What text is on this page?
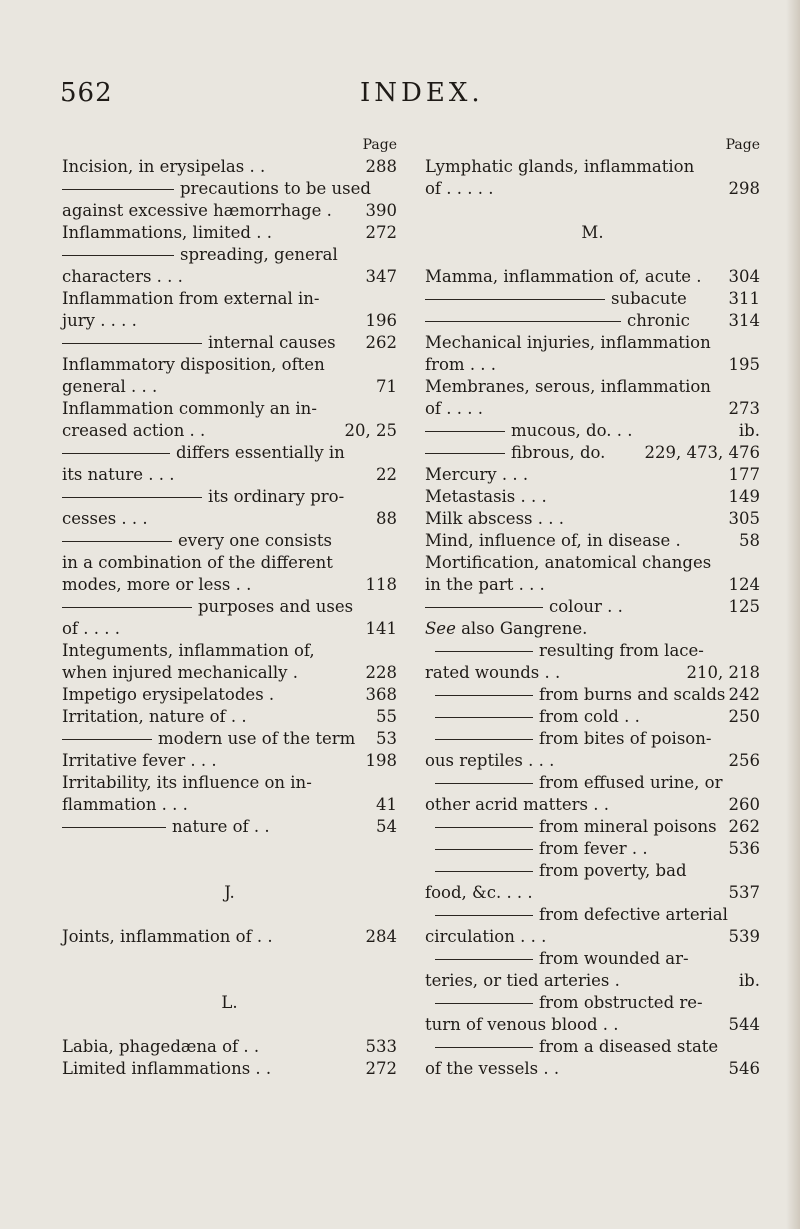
562	INDEX.
Page
Incision, in erysipelas . .	288
precautions to be used
against excessive hæmorrhage . 390
Inflammations, limited . .	272
spreading, general
characters . . .	347
Inflammation from external in-
jury . . . .	196
internal causes 262
Inflammatory disposition, often
general . . .	71
Inflammation commonly an in-
creased action . .	20, 25
differs essentially in
its nature . . .	22
its ordinary pro-
cesses . . .	88
every one consists
in a combination of the different
modes, more or less . .	118
purposes and uses
of . . . .	141
Integuments, inflammation of,
when injured mechanically .	228
Impetigo erysipelatodes .	368
Irritation, nature of . .	55
modern use of the term 53
Irritative fever . . .	198
Irritability, its influence on in-
flammation . . .	41
nature of . .	54
J.
Joints, inflammation of . .	284
L.
Labia, phagedæna of . .	533
Limited inflammations . .	272
Page
Lymphatic glands, inflammation
of . . . . .	298
M.
Mamma, inflammation of, acute . 304
subacute	311
chronic 314
Mechanical injuries, inflammation
from . . .	195
Membranes, serous, inflammation
of . . . .	273
mucous, do. . .	ib.
fibrous, do. 229, 473, 476
Mercury . . .	177
Metastasis . . .	149
Milk abscess . . .	305
Mind, influence of, in disease .	58
Mortification, anatomical changes
in the part . . .	124
colour . .	125
See also Gangrene.
resulting from lace-
rated wounds . .	210, 218
from burns and scalds 242
from cold . .	250
from bites of poison-
ous reptiles . . .	256
from effused urine, or
other acrid matters . .	260
from mineral poisons 262
from fever . .	536
from poverty, bad
food, &c. . . .	537
from defective arterial
circulation . . .	539
from wounded ar-
teries, or tied arteries .	ib.
from obstructed re-
turn of venous blood . .	544
from a diseased state
of the vessels . .	546
